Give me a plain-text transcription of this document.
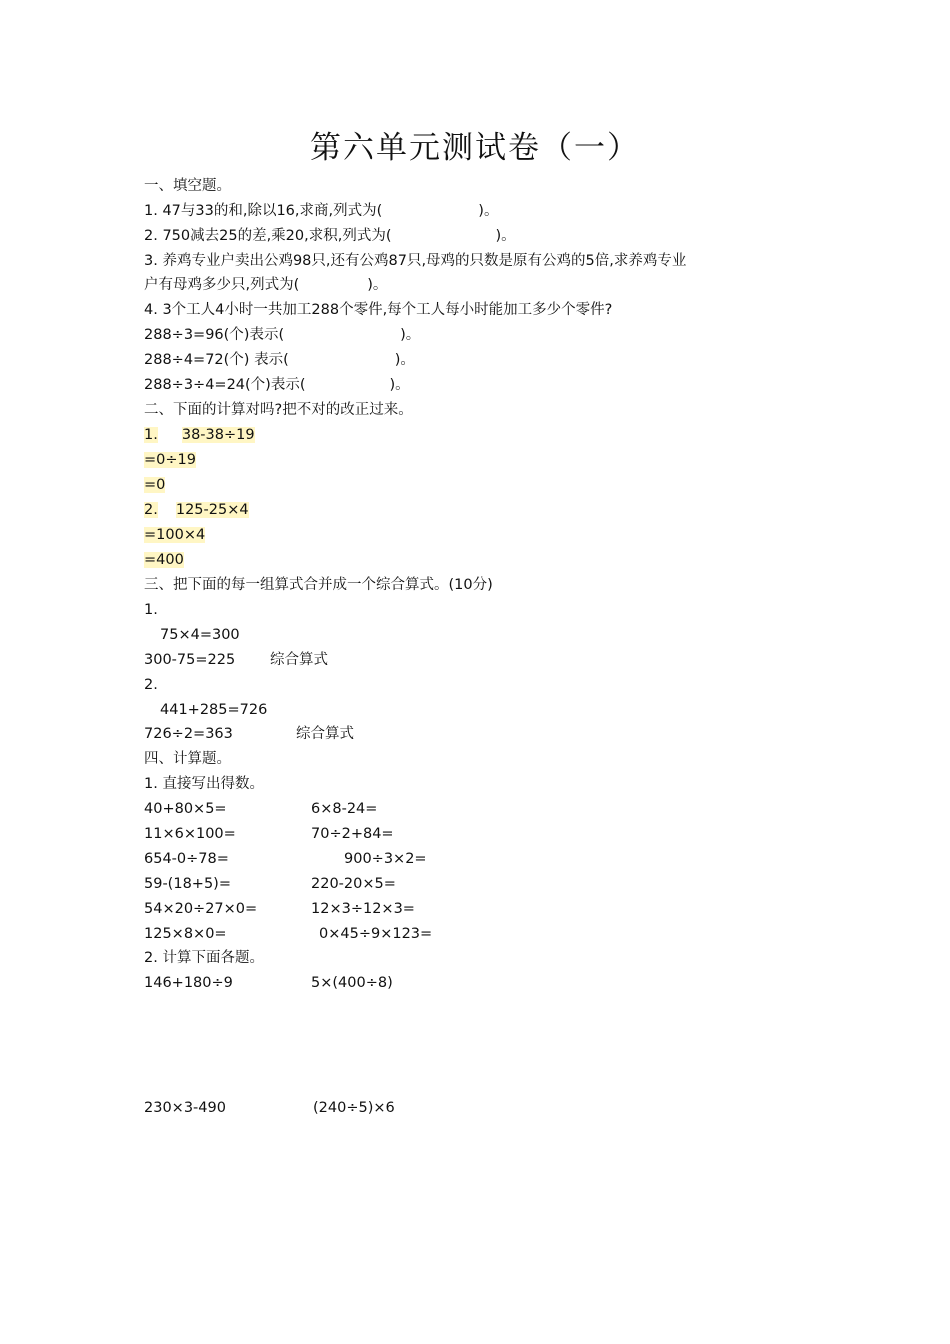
第六单元测试卷（一）
一、填空题。
1. 47与33的和,除以16,求商,列式为(	)。
2. 750减去25的差,乘20,求积,列式为(	)。
3. 养鸡专业户卖出公鸡98只,还有公鸡87只,母鸡的只数是原有公鸡的5倍,求养鸡专业
户有母鸡多少只,列式为(	)。
4. 3个工人4小时一共加工288个零件,每个工人每小时能加工多少个零件?
288÷3=96(个)表示(	)。
288÷4=72(个) 表示(	)。
288÷3÷4=24(个)表示(	)。
二、下面的计算对吗?把不对的改正过来。
1. 38-38÷19
=0÷19
=0
2. 125-25×4
=100×4
=400
三、把下面的每一组算式合并成一个综合算式。(10分)
1.
75×4=300
300-75=225 综合算式
2.
441+285=726
726÷2=363	综合算式
四、计算题。
1. 直接写出得数。
40+80×5=	6×8-24=
11×6×100=	70÷2+84=
654-0÷78=	900÷3×2=
59-(18+5)=	220-20×5=
54×20÷27×0=	12×3÷12×3=
125×8×0=	0×45÷9×123=
2. 计算下面各题。
146+180÷9	5×(400÷8)
230×3-490	(240÷5)×6
